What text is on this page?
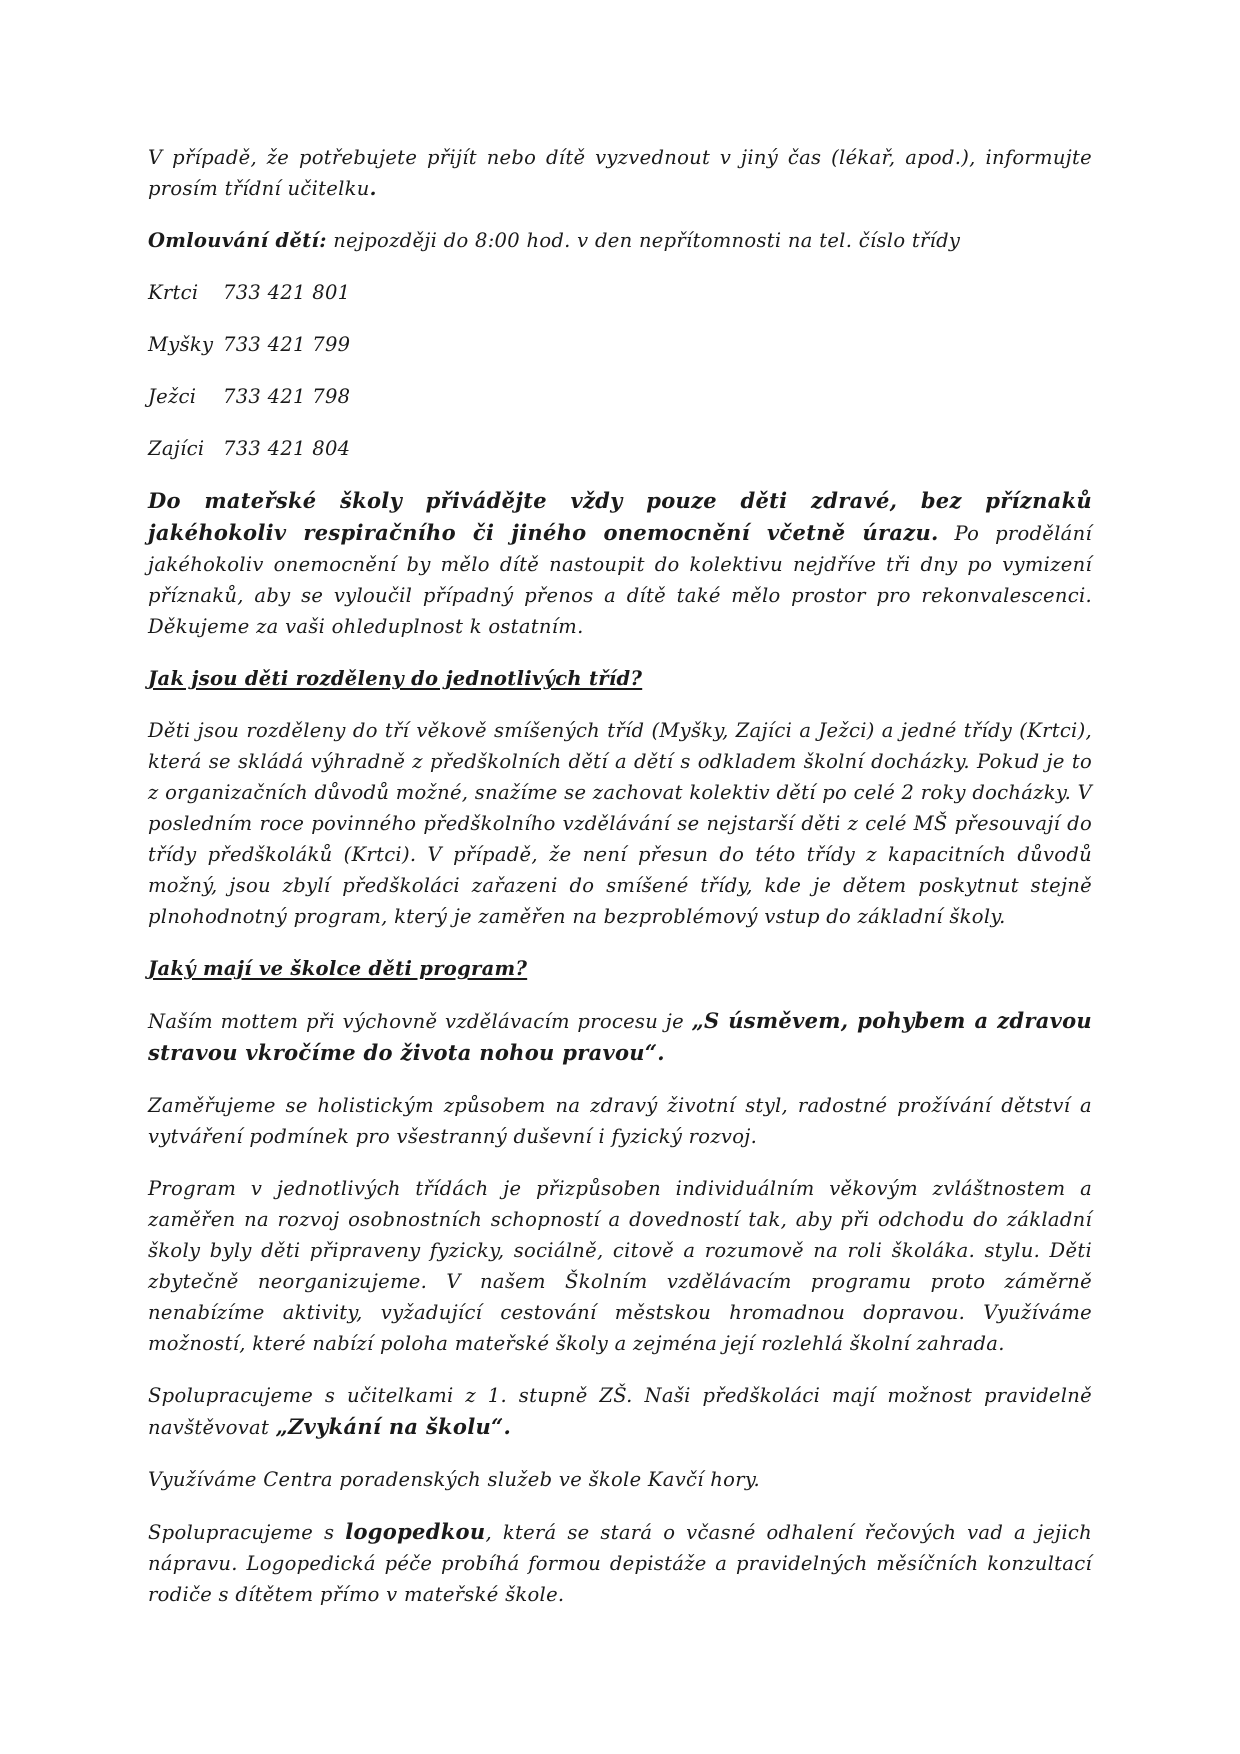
V případě, že potřebujete přijít nebo dítě vyzvednout v jiný čas (lékař, apod.), informujte prosím třídní učitelku.

Omlouvání dětí: nejpozději do 8:00 hod. v den nepřítomnosti na tel. číslo třídy

Krtci	733 421 801
Myšky 733 421 799
Ježci	733 421 798
Zajíci 733 421 804

Do mateřské školy přivádějte vždy pouze děti zdravé, bez příznaků jakéhokoliv respiračního či jiného onemocnění včetně úrazu. Po prodělání jakéhokoliv onemocnění by mělo dítě nastoupit do kolektivu nejdříve tři dny po vymizení příznaků, aby se vyloučil případný přenos a dítě také mělo prostor pro rekonvalescenci. Děkujeme za vaši ohleduplnost k ostatním.

Jak jsou děti rozděleny do jednotlivých tříd?

Děti jsou rozděleny do tří věkově smíšených tříd (Myšky, Zajíci a Ježci) a jedné třídy (Krtci), která se skládá výhradně z předškolních dětí a dětí s odkladem školní docházky. Pokud je to z organizačních důvodů možné, snažíme se zachovat kolektiv dětí po celé 2 roky docházky. V posledním roce povinného předškolního vzdělávání se nejstarší děti z celé MŠ přesouvají do třídy předškoláků (Krtci). V případě, že není přesun do této třídy z kapacitních důvodů možný, jsou zbylí předškoláci zařazeni do smíšené třídy, kde je dětem poskytnut stejně plnohodnotný program, který je zaměřen na bezproblémový vstup do základní školy.

Jaký mají ve školce děti program?

Naším mottem při výchovně vzdělávacím procesu je „S úsměvem, pohybem a zdravou stravou vkročíme do života nohou pravou“.

Zaměřujeme se holistickým způsobem na zdravý životní styl, radostné prožívání dětství a vytváření podmínek pro všestranný duševní i fyzický rozvoj.

Program v jednotlivých třídách je přizpůsoben individuálním věkovým zvláštnostem a zaměřen na rozvoj osobnostních schopností a dovedností tak, aby při odchodu do základní školy byly děti připraveny fyzicky, sociálně, citově a rozumově na roli školáka. stylu. Děti zbytečně neorganizujeme. V našem Školním vzdělávacím programu proto záměrně nenabízíme aktivity, vyžadující cestování městskou hromadnou dopravou. Využíváme možností, které nabízí poloha mateřské školy a zejména její rozlehlá školní zahrada.

Spolupracujeme s učitelkami z 1. stupně ZŠ. Naši předškoláci mají možnost pravidelně navštěvovat „Zvykání na školu“.

Využíváme Centra poradenských služeb ve škole Kavčí hory.

Spolupracujeme s logopedkou, která se stará o včasné odhalení řečových vad a jejich nápravu. Logopedická péče probíhá formou depistáže a pravidelných měsíčních konzultací rodiče s dítětem přímo v mateřské škole.
